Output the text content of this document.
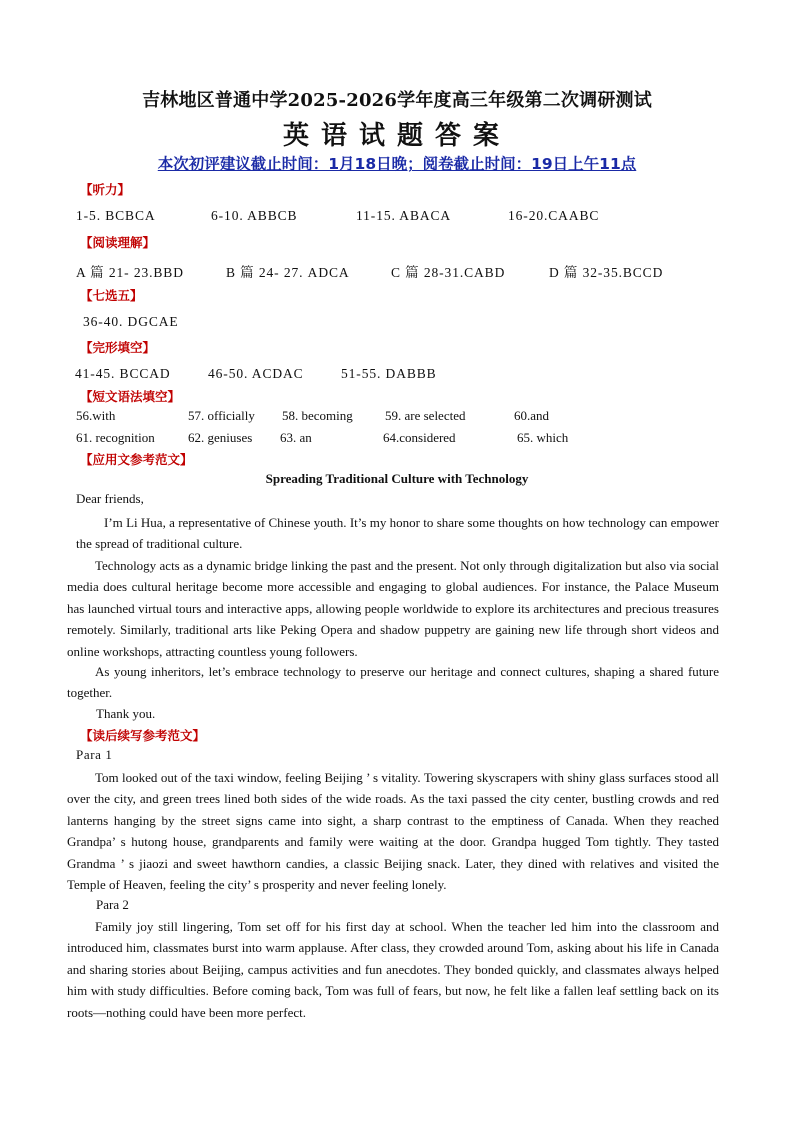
吉林地区普通中学2025-2026学年度高三年级第二次调研测试
英语试题答案
本次初评建议截止时间：1月18日晚；阅卷截止时间：19日上午11点
【听力】
1-5. BCBCA	6-10. ABBCB	11-15. ABACA	16-20.CAABC
【阅读理解】
A 篇 21- 23.BBD	B 篇 24- 27. ADCA	C 篇 28-31.CABD	D 篇 32-35.BCCD
【七选五】
36-40. DGCAE
【完形填空】
41-45. BCCAD	46-50. ACDAC	51-55. DABBB
【短文语法填空】
56.with	57. officially 58. becoming 59. are selected	60.and
61. recognition	62. geniuses 63. an	64.considered	65. which
【应用文参考范文】
Spreading Traditional Culture with Technology
Dear friends,

I’m Li Hua, a representative of Chinese youth. It’s my honor to share some thoughts on how technology can empower the spread of traditional culture.

Technology acts as a dynamic bridge linking the past and the present. Not only through digitalization but also via social media does cultural heritage become more accessible and engaging to global audiences. For instance, the Palace Museum has launched virtual tours and interactive apps, allowing people worldwide to explore its architectures and precious treasures remotely. Similarly, traditional arts like Peking Opera and shadow puppetry are gaining new life through short videos and online workshops, attracting countless young followers.

As young inheritors, let’s embrace technology to preserve our heritage and connect cultures, shaping a shared future together.

Thank you.
【读后续写参考范文】
Para 1

Tom looked out of the taxi window, feeling Beijing ’ s vitality. Towering skyscrapers with shiny glass surfaces stood all over the city, and green trees lined both sides of the wide roads. As the taxi passed the city center, bustling crowds and red lanterns hanging by the street signs came into sight, a sharp contrast to the emptiness of Canada. When they reached Grandpa’ s hutong house, grandparents and family were waiting at the door. Grandpa hugged Tom tightly. They tasted Grandma ’ s jiaozi and sweet hawthorn candies, a classic Beijing snack. Later, they dined with relatives and visited the Temple of Heaven, feeling the city’ s prosperity and never feeling lonely.

Para 2

Family joy still lingering, Tom set off for his first day at school. When the teacher led him into the classroom and introduced him, classmates burst into warm applause. After class, they crowded around Tom, asking about his life in Canada and sharing stories about Beijing, campus activities and fun anecdotes. They bonded quickly, and classmates always helped him with study difficulties. Before coming back, Tom was full of fears, but now, he felt like a fallen leaf settling back on its roots—nothing could have been more perfect.
